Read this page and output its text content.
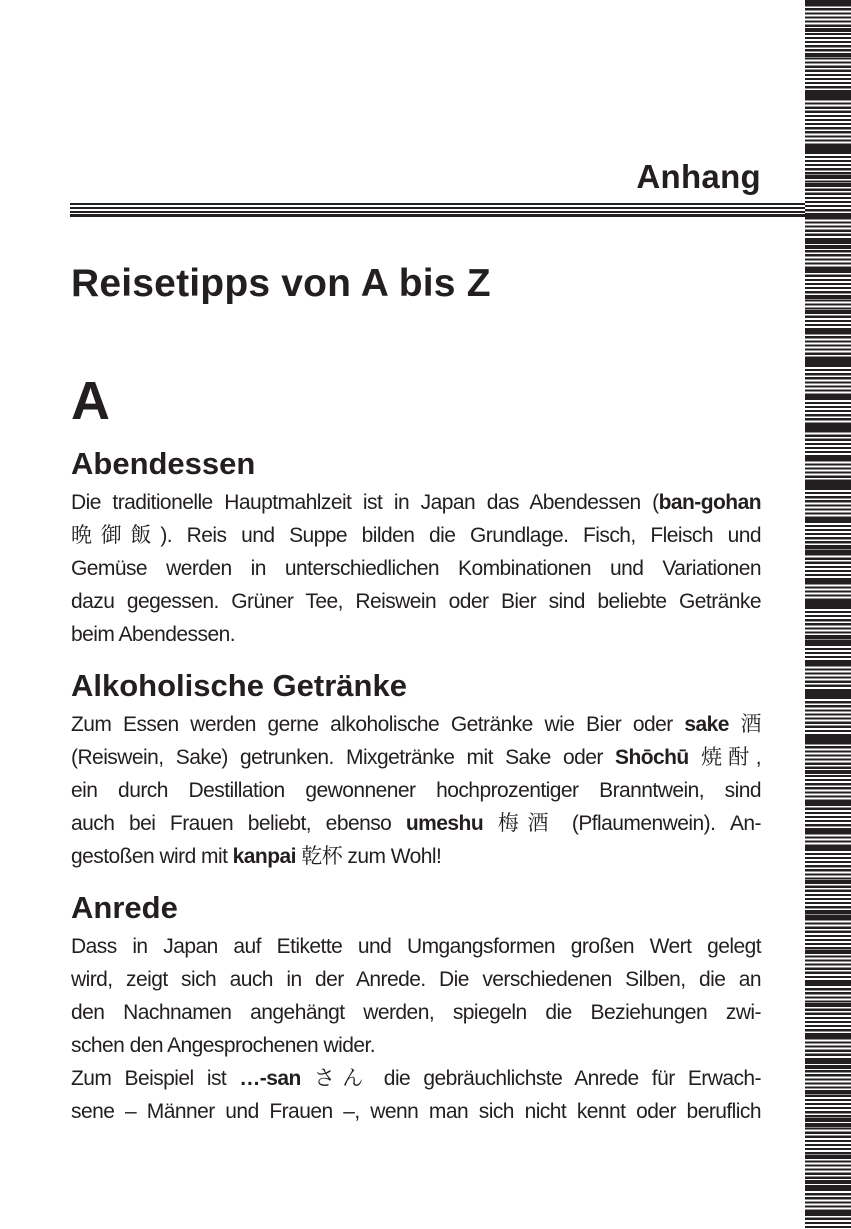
Anhang
Reisetipps von A bis Z
A
Abendessen

Die traditionelle Hauptmahlzeit ist in Japan das Abendessen (ban-gohan
晩御飯). Reis und Suppe bilden die Grundlage. Fisch, Fleisch und
Gemüse werden in unterschiedlichen Kombinationen und Variationen
dazu gegessen. Grüner Tee, Reiswein oder Bier sind beliebte Getränke
beim Abendessen.

Alkoholische Getränke

Zum Essen werden gerne alkoholische Getränke wie Bier oder sake 酒
(Reiswein, Sake) getrunken. Mixgetränke mit Sake oder Shōchū 焼酎,
ein durch Destillation gewonnener hochprozentiger Branntwein, sind
auch bei Frauen beliebt, ebenso umeshu 梅酒 (Pflaumenwein). An-
gestoßen wird mit kanpai 乾杯 zum Wohl!

Anrede

Dass in Japan auf Etikette und Umgangsformen großen Wert gelegt
wird, zeigt sich auch in der Anrede. Die verschiedenen Silben, die an
den Nachnamen angehängt werden, spiegeln die Beziehungen zwi-
schen den Angesprochenen wider.
Zum Beispiel ist …-san さん die gebräuchlichste Anrede für Erwach-
sene – Männer und Frauen –, wenn man sich nicht kennt oder beruflich
